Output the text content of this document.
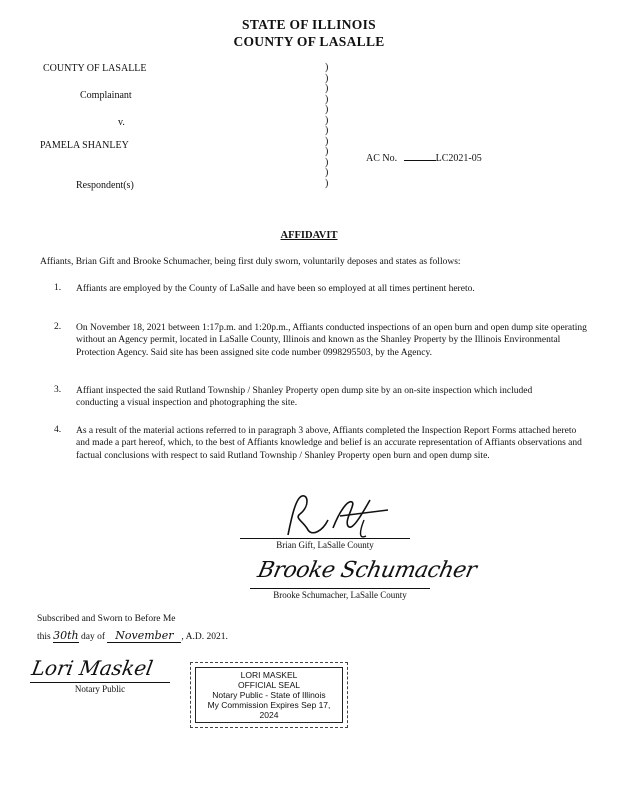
STATE OF ILLINOIS
COUNTY OF LASALLE
COUNTY OF LASALLE
Complainant
v.
PAMELA SHANLEY
Respondent(s)
)
)
)
)
)
)
)
)
)
)
)
)
AC No.	LC2021-05
AFFIDAVIT
Affiants, Brian Gift and Brooke Schumacher, being first duly sworn, voluntarily deposes and states as follows:
1. Affiants are employed by the County of LaSalle and have been so employed at all times pertinent hereto.
2. On November 18, 2021 between 1:17p.m. and 1:20p.m., Affiants conducted inspections of an open burn and open dump site operating without an Agency permit, located in LaSalle County, Illinois and known as the Shanley Property by the Illinois Environmental Protection Agency. Said site has been assigned site code number 0998295503, by the Agency.
3. Affiant inspected the said Rutland Township / Shanley Property open dump site by an on-site inspection which included conducting a visual inspection and photographing the site.
4. As a result of the material actions referred to in paragraph 3 above, Affiants completed the Inspection Report Forms attached hereto and made a part hereof, which, to the best of Affiants knowledge and belief is an accurate representation of Affiants observations and factual conclusions with respect to said Rutland Township / Shanley Property open burn and open dump site.
Brian Gift, LaSalle County
Brooke Schumacher
Brooke Schumacher, LaSalle County
Subscribed and Sworn to Before Me
this 30th day of November , A.D. 2021.
Lori Maskel
Notary Public
LORI MASKEL
OFFICIAL SEAL
Notary Public - State of Illinois
My Commission Expires Sep 17, 2024
